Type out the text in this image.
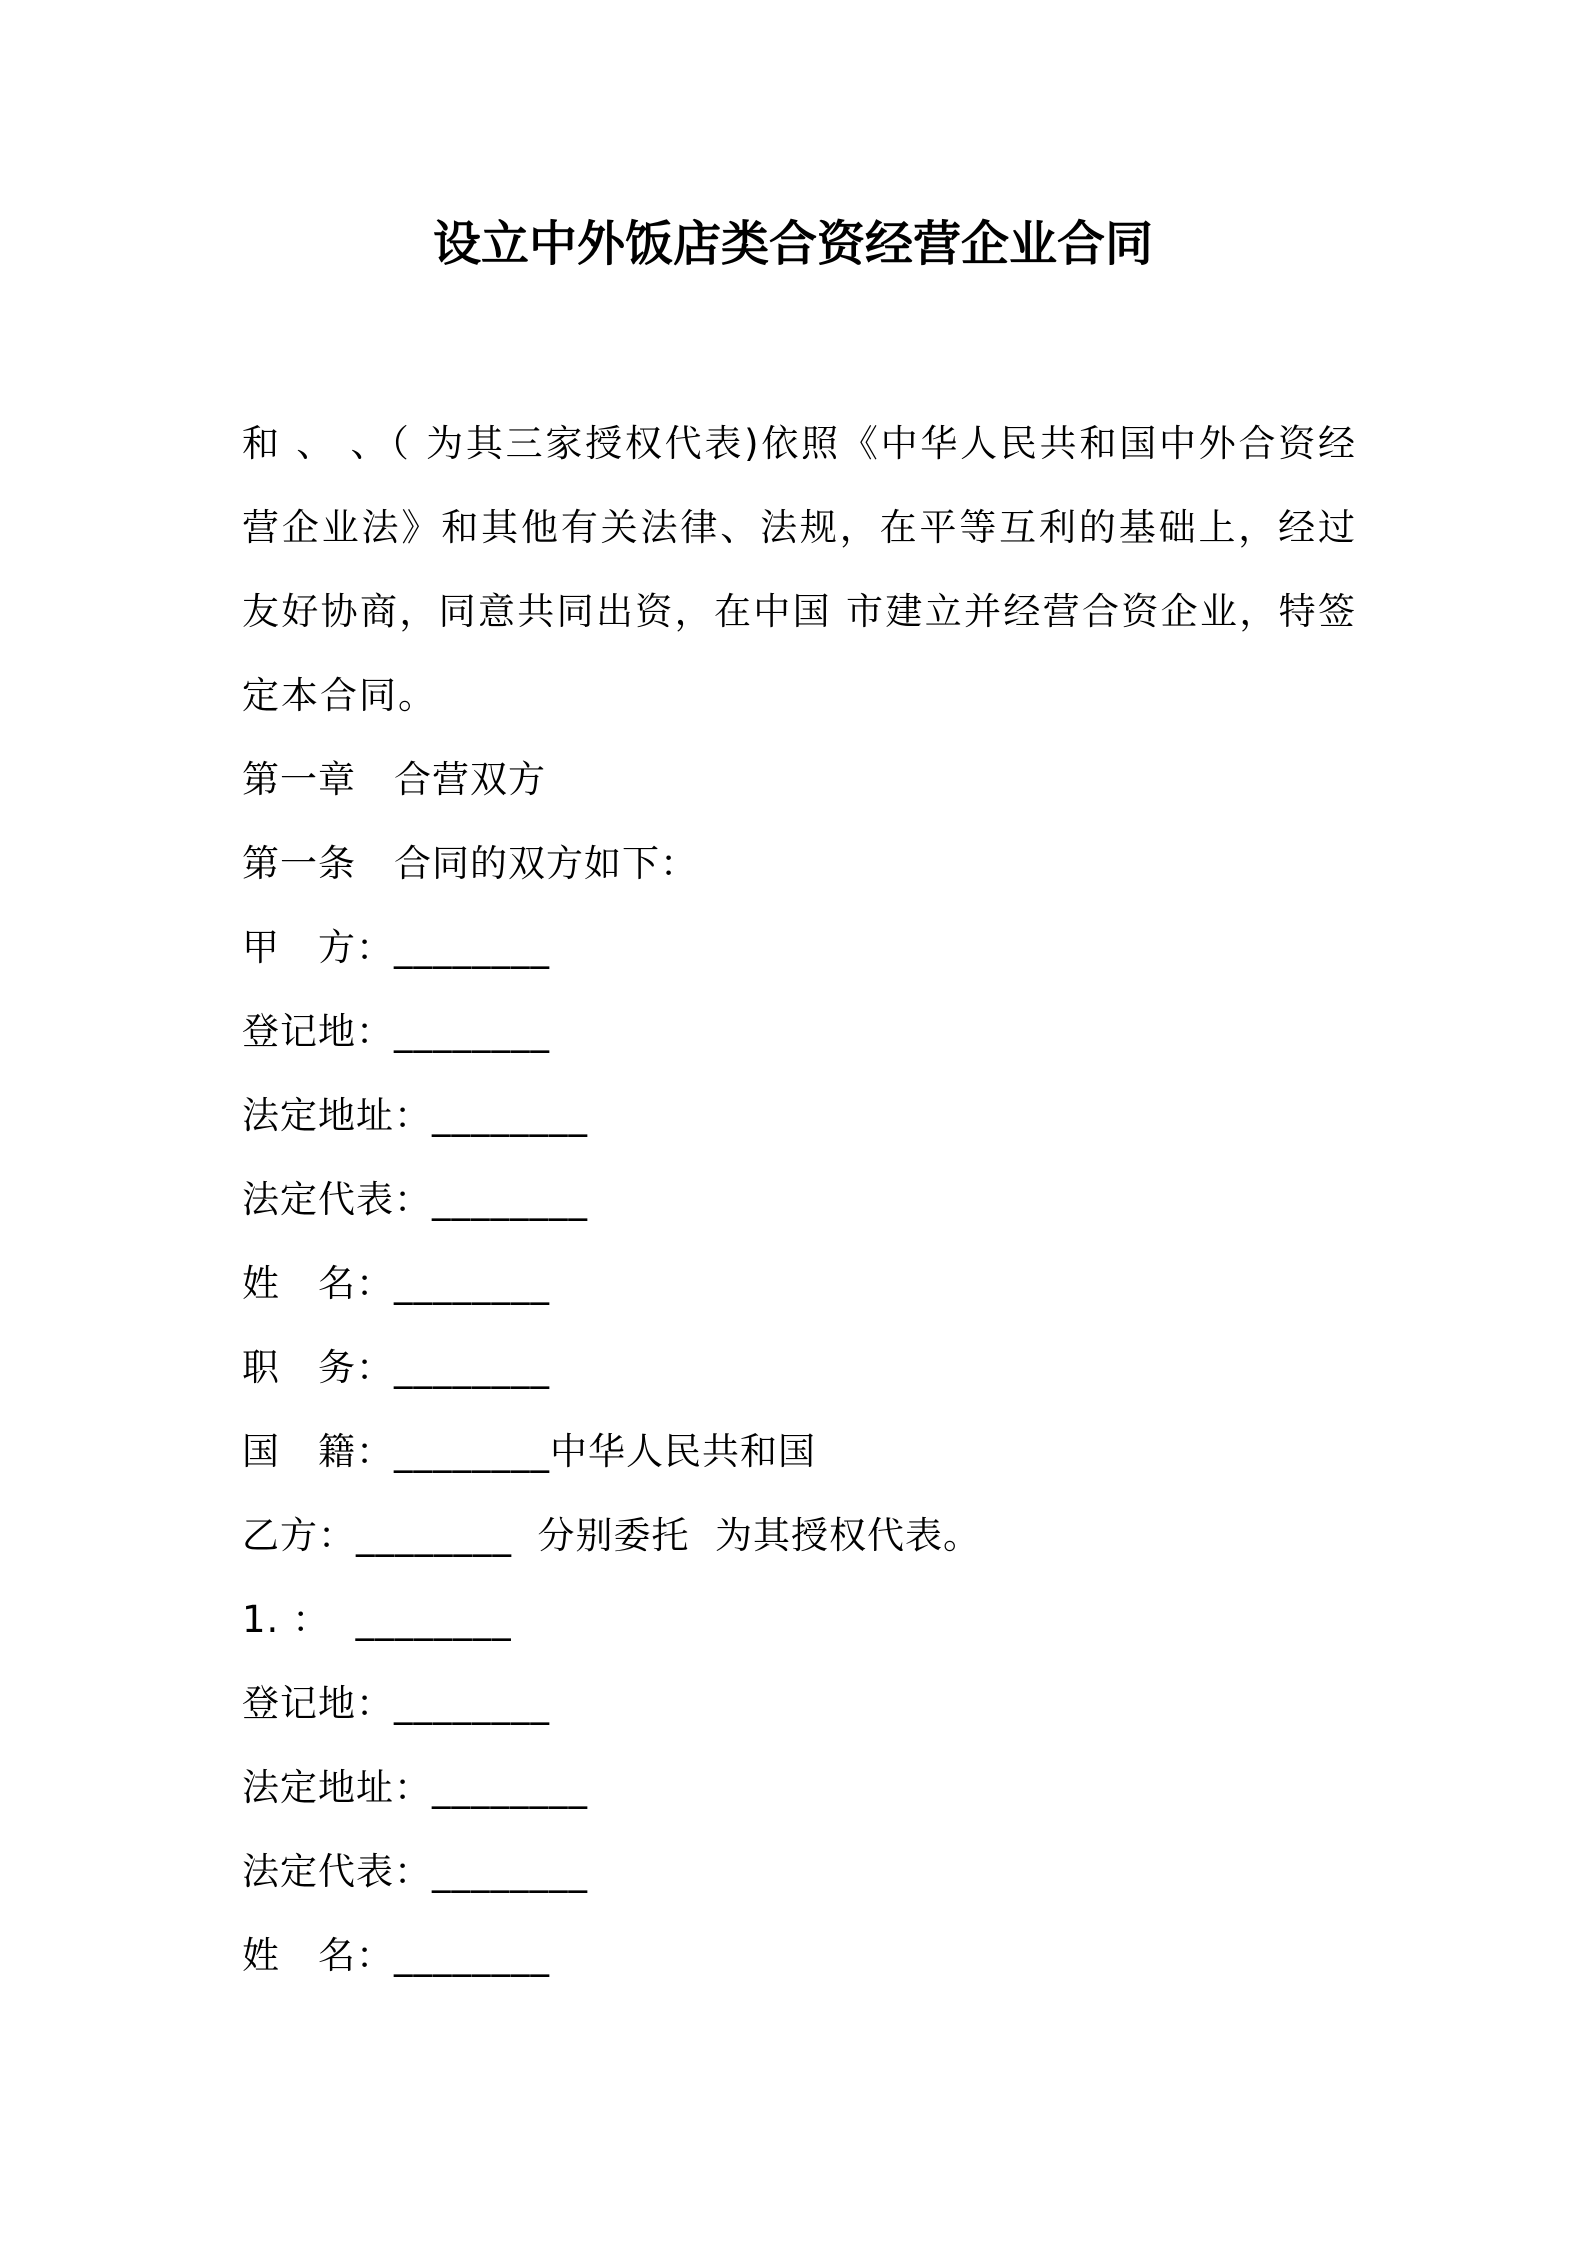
设立中外饭店类合资经营企业合同

和 、 、（ 为其三家授权代表)依照《中华人民共和国中外合资经营企业法》和其他有关法律、法规，在平等互利的基础上，经过友好协商，同意共同出资，在中国 市建立并经营合资企业，特签定本合同。

第一章　合营双方

第一条　合同的双方如下：

甲　方：________

登记地：________

法定地址：________

法定代表：________

姓　名：________

职　务：________

国　籍：________中华人民共和国

乙方：________  分别委托  为其授权代表。

1. ：  ________

登记地：________

法定地址：________

法定代表：________

姓　名：________
